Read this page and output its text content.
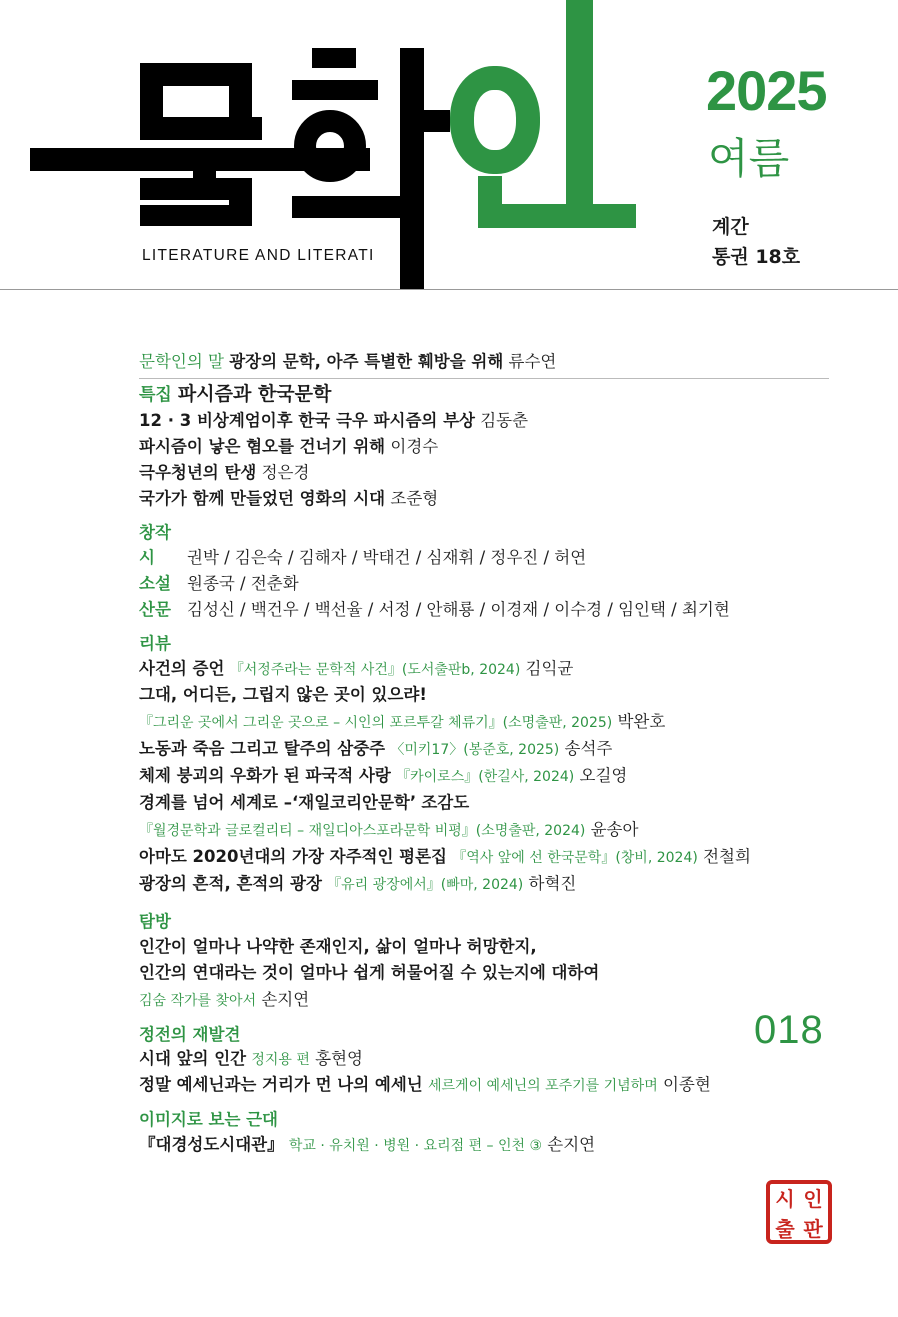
LITERATURE AND LITERATI
2025
여름
계간
통권 18호
문학인의 말 광장의 문학, 아주 특별한 훼방을 위해 류수연
특집 파시즘과 한국문학
12 · 3 비상계엄이후 한국 극우 파시즘의 부상 김동춘
파시즘이 낳은 혐오를 건너기 위해 이경수
극우청년의 탄생 정은경
국가가 함께 만들었던 영화의 시대 조준형
창작
시 권박 / 김은숙 / 김해자 / 박태건 / 심재휘 / 정우진 / 허연
소설 원종국 / 전춘화
산문 김성신 / 백건우 / 백선율 / 서정 / 안해룡 / 이경재 / 이수경 / 임인택 / 최기현
리뷰
사건의 증언 『서정주라는 문학적 사건』(도서출판b, 2024) 김익균
그대, 어디든, 그립지 않은 곳이 있으랴!
『그리운 곳에서 그리운 곳으로 – 시인의 포르투갈 체류기』(소명출판, 2025) 박완호
노동과 죽음 그리고 탈주의 삼중주 〈미키17〉(봉준호, 2025) 송석주
체제 붕괴의 우화가 된 파국적 사랑 『카이로스』(한길사, 2024) 오길영
경계를 넘어 세계로 –‘재일코리안문학’ 조감도
『월경문학과 글로컬리티 – 재일디아스포라문학 비평』(소명출판, 2024) 윤송아
아마도 2020년대의 가장 자주적인 평론집 『역사 앞에 선 한국문학』(창비, 2024) 전철희
광장의 흔적, 흔적의 광장 『유리 광장에서』(빠마, 2024) 하혁진
탐방
인간이 얼마나 나약한 존재인지, 삶이 얼마나 허망한지,
인간의 연대라는 것이 얼마나 쉽게 허물어질 수 있는지에 대하여
김숨 작가를 찾아서 손지연
018
정전의 재발견
시대 앞의 인간 정지용 편 홍현영
정말 예세닌과는 거리가 먼 나의 예세닌 세르게이 예세닌의 포주기를 기념하며 이종현
이미지로 보는 근대
『대경성도시대관』 학교 · 유치원 · 병원 · 요리점 편 – 인천 ③ 손지연
시 인
출 판
